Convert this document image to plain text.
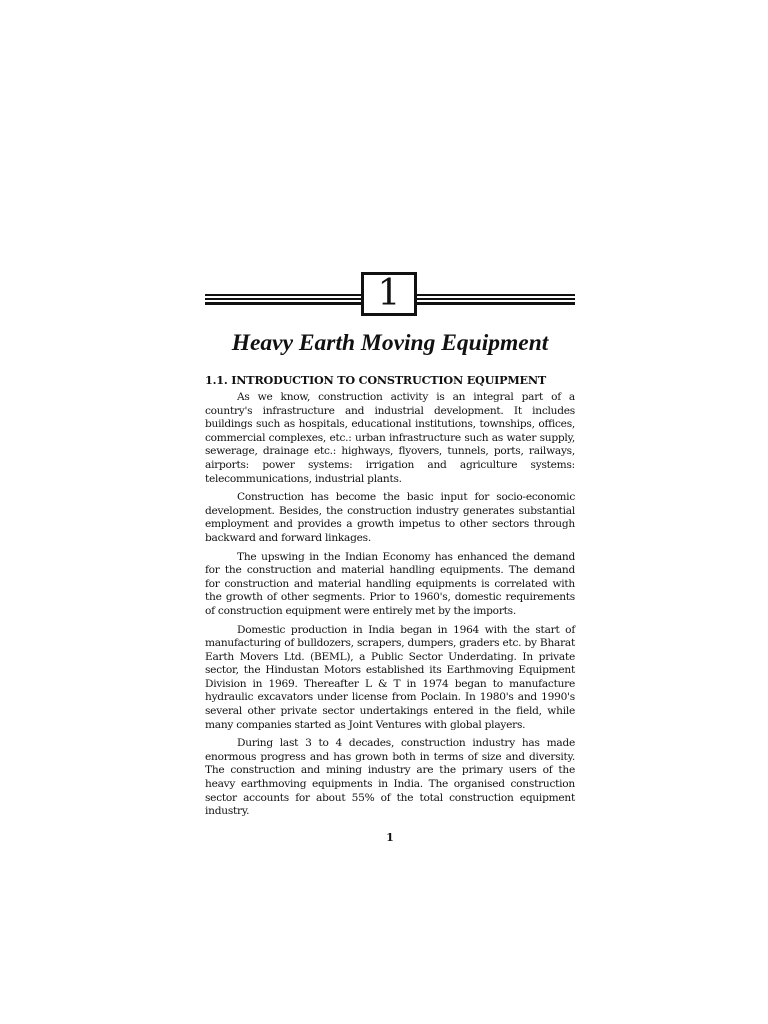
1
Heavy Earth Moving Equipment
1.1. INTRODUCTION TO CONSTRUCTION EQUIPMENT

As we know, construction activity is an integral part of a country's infrastructure and industrial development. It includes buildings such as hospitals, educational institutions, townships, offices, commercial complexes, etc.: urban infrastructure such as water supply, sewerage, drainage etc.: highways, flyovers, tunnels, ports, railways, airports: power systems: irrigation and agriculture systems: telecommunications, industrial plants.

Construction has become the basic input for socio-economic development. Besides, the construction industry generates substantial employment and provides a growth impetus to other sectors through backward and forward linkages.

The upswing in the Indian Economy has enhanced the demand for the construction and material handling equipments. The demand for construction and material handling equipments is correlated with the growth of other segments. Prior to 1960's, domestic requirements of construction equipment were entirely met by the imports.

Domestic production in India began in 1964 with the start of manufacturing of bulldozers, scrapers, dumpers, graders etc. by Bharat Earth Movers Ltd. (BEML), a Public Sector Underdating. In private sector, the Hindustan Motors established its Earthmoving Equipment Division in 1969. Thereafter L & T in 1974 began to manufacture hydraulic excavators under license from Poclain. In 1980's and 1990's several other private sector undertakings entered in the field, while many companies started as Joint Ventures with global players.

During last 3 to 4 decades, construction industry has made enormous progress and has grown both in terms of size and diversity. The construction and mining industry are the primary users of the heavy earthmoving equipments in India. The organised construction sector accounts for about 55% of the total construction equipment industry.

1
